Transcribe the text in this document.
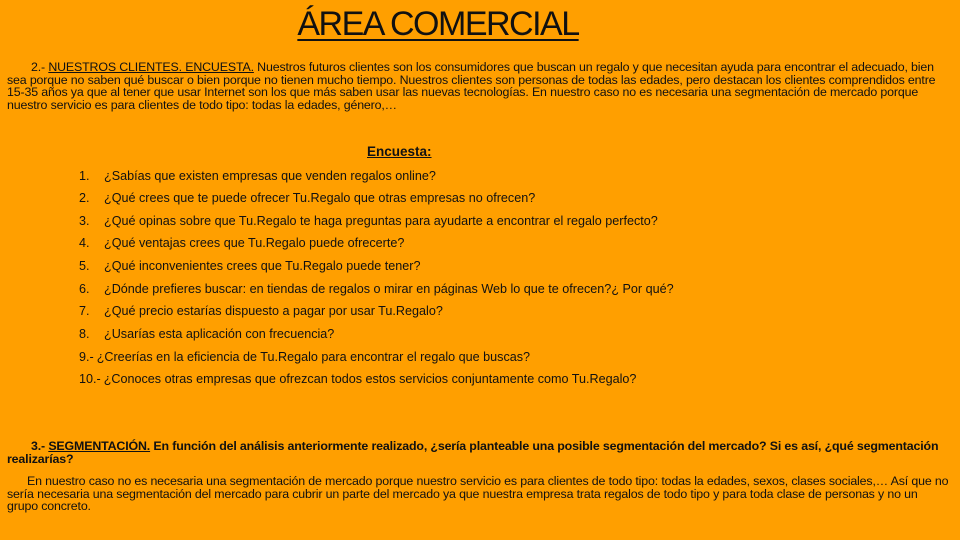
ÁREA COMERCIAL
2.- NUESTROS CLIENTES. ENCUESTA. Nuestros futuros clientes son los consumidores que buscan un regalo y que necesitan ayuda para encontrar el adecuado, bien sea porque no saben qué buscar o bien porque no tienen mucho tiempo. Nuestros clientes son personas de todas las edades, pero destacan los clientes comprendidos entre 15-35 años ya que al tener que usar Internet son los que más saben usar las nuevas tecnologías. En nuestro caso no es necesaria una segmentación de mercado porque nuestro servicio es para clientes de todo tipo: todas la edades, género,…
Encuesta:
1. ¿Sabías que existen empresas que venden regalos online?
2. ¿Qué crees que te puede ofrecer Tu.Regalo que otras empresas no ofrecen?
3. ¿Qué opinas sobre que Tu.Regalo te haga preguntas para ayudarte a encontrar el regalo perfecto?
4. ¿Qué ventajas crees que Tu.Regalo puede ofrecerte?
5. ¿Qué inconvenientes crees que Tu.Regalo puede tener?
6. ¿Dónde prefieres buscar: en tiendas de regalos o mirar en páginas Web lo que te ofrecen?¿ Por qué?
7. ¿Qué precio estarías dispuesto a pagar por usar Tu.Regalo?
8. ¿Usarías esta aplicación con frecuencia?
9.- ¿Creerías en la eficiencia de Tu.Regalo para encontrar el regalo que buscas?
10.- ¿Conoces otras empresas que ofrezcan todos estos servicios conjuntamente como Tu.Regalo?
3.- SEGMENTACIÓN. En función del análisis anteriormente realizado, ¿sería planteable una posible segmentación del mercado? Si es así, ¿qué segmentación realizarías?
En nuestro caso no es necesaria una segmentación de mercado porque nuestro servicio es para clientes de todo tipo: todas la edades, sexos, clases sociales,… Así que no sería necesaria una segmentación del mercado para cubrir un parte del mercado ya que nuestra empresa trata regalos de todo tipo y para toda clase de personas y no un grupo concreto.
